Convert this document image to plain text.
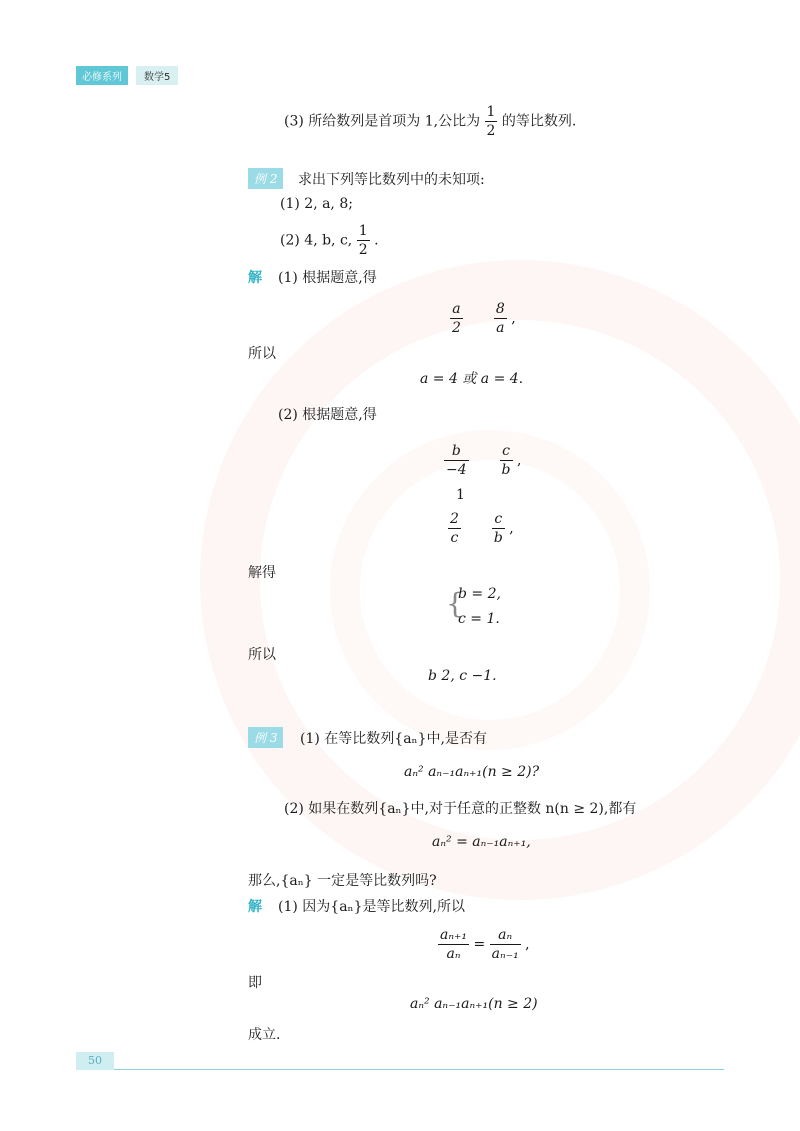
必修系列	数学5
(3) 所给数列是首项为 1,公比为 $\frac{1}{2}$ 的等比数列.
例 2	求出下列等比数列中的未知项:
(1) 2, a, 8;
(2) 4, b, c, $\frac{1}{2}$ .
解 (1) 根据题意,得
$\frac{a}{2}$
$\frac{8}{a}$ ,
所以
a = 4 或 a = 4.
(2) 根据题意,得
$\frac{b}{-4}$
$\frac{c}{b}$ ,
1
$\frac{2}{c}$
$\frac{c}{b}$ ,
解得
{
b = 2,
c = 1.
所以
b 2, c −1.
例 3	(1) 在等比数列{aₙ}中,是否有
aₙ² aₙ₋₁aₙ₊₁(n ≥ 2)?
(2) 如果在数列{aₙ}中,对于任意的正整数 n(n ≥ 2),都有
aₙ² = aₙ₋₁aₙ₊₁,
那么,{aₙ} 一定是等比数列吗?
解 (1) 因为{aₙ}是等比数列,所以
$\frac{\text{aₙ₊₁}}{\text{aₙ}} = \frac{\text{aₙ}}{\text{aₙ₋₁}}$ ,
即
aₙ² aₙ₋₁aₙ₊₁(n ≥ 2)
成立.
50
